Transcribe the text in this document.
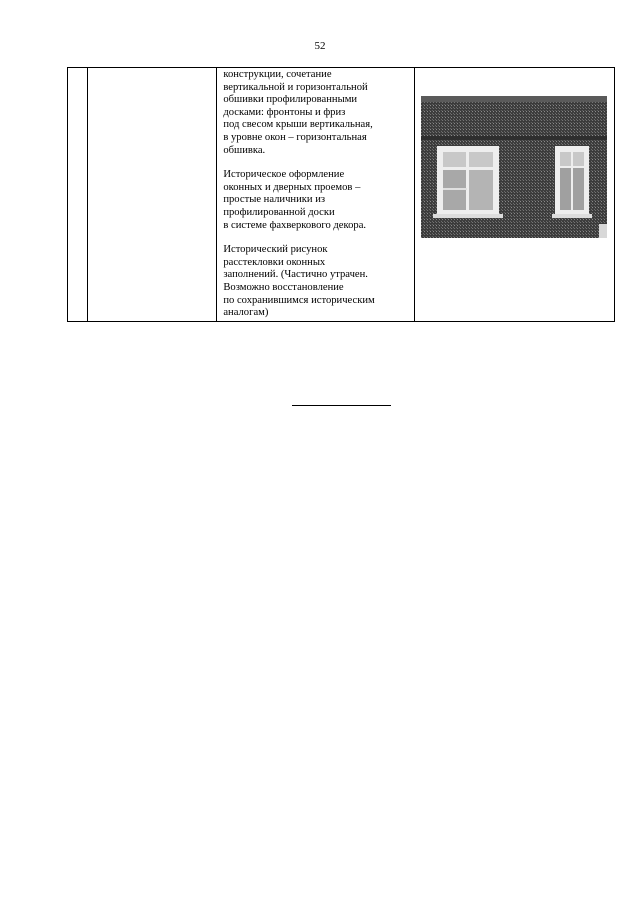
52

конструкции, сочетание
вертикальной и горизонтальной
обшивки профилированными
досками: фронтоны и фриз
под свесом крыши вертикальная,
в уровне окон – горизонтальная
обшивка.

Историческое оформление
оконных и дверных проемов –
простые наличники из
профилированной доски
в системе фахверкового декора.

Исторический рисунок
расстекловки оконных
заполнений. (Частично утрачен.
Возможно восстановление
по сохранившимся историческим
аналогам)
